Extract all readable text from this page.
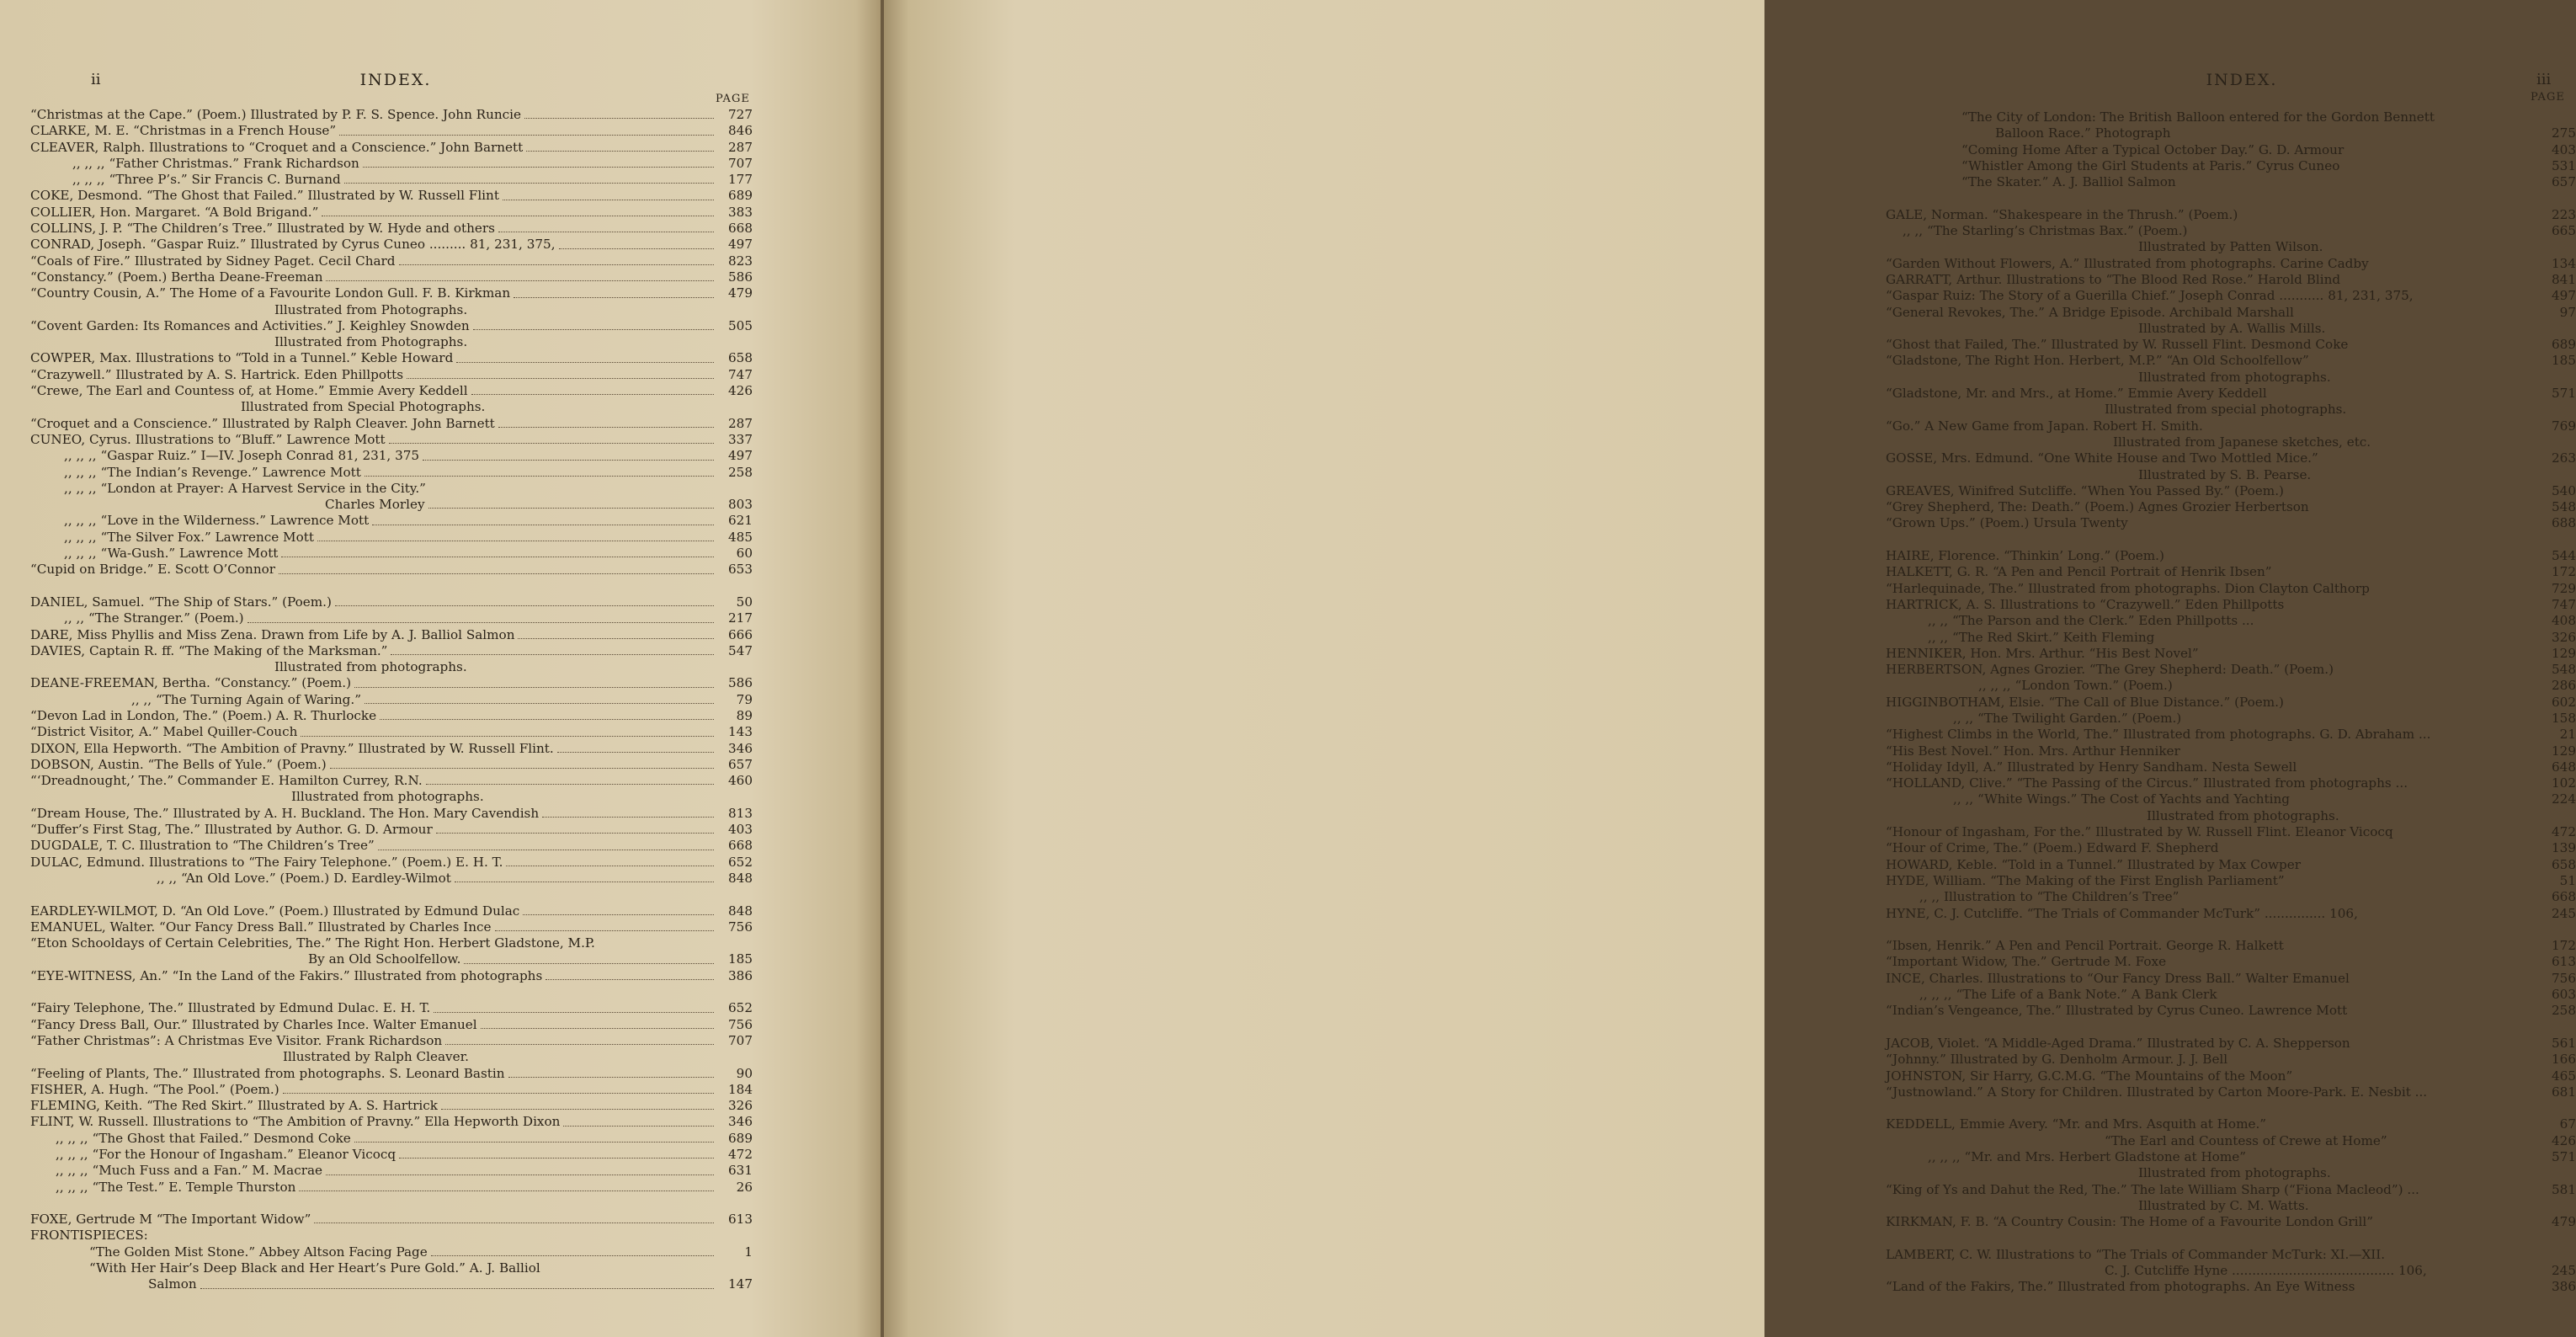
ii	INDEX.
PAGE
“Christmas at the Cape.” (Poem.) Illustrated by P. F. S. Spence. John Runcie	727
CLARKE, M. E. “Christmas in a French House”	846
CLEAVER, Ralph. Illustrations to “Croquet and a Conscience.” John Barnett	287
,, ,, ,, “Father Christmas.” Frank Richardson	707
,, ,, ,, “Three P’s.” Sir Francis C. Burnand	177
COKE, Desmond. “The Ghost that Failed.” Illustrated by W. Russell Flint	689
COLLIER, Hon. Margaret. “A Bold Brigand.”	383
COLLINS, J. P. “The Children’s Tree.” Illustrated by W. Hyde and others	668
CONRAD, Joseph. “Gaspar Ruiz.” Illustrated by Cyrus Cuneo ......... 81, 231, 375,	497
“Coals of Fire.” Illustrated by Sidney Paget. Cecil Chard	823
“Constancy.” (Poem.) Bertha Deane-Freeman	586
“Country Cousin, A.” The Home of a Favourite London Gull. F. B. Kirkman	479
Illustrated from Photographs.
“Covent Garden: Its Romances and Activities.” J. Keighley Snowden	505
Illustrated from Photographs.
COWPER, Max. Illustrations to “Told in a Tunnel.” Keble Howard	658
“Crazywell.” Illustrated by A. S. Hartrick. Eden Phillpotts	747
“Crewe, The Earl and Countess of, at Home.” Emmie Avery Keddell	426
Illustrated from Special Photographs.
“Croquet and a Conscience.” Illustrated by Ralph Cleaver. John Barnett	287
CUNEO, Cyrus. Illustrations to “Bluff.” Lawrence Mott	337
,, ,, ,, “Gaspar Ruiz.” I—IV. Joseph Conrad 81, 231, 375	497
,, ,, ,, “The Indian’s Revenge.” Lawrence Mott	258
,, ,, ,, “London at Prayer: A Harvest Service in the City.”
Charles Morley	803
,, ,, ,, “Love in the Wilderness.” Lawrence Mott	621
,, ,, ,, “The Silver Fox.” Lawrence Mott	485
,, ,, ,, “Wa-Gush.” Lawrence Mott	60
“Cupid on Bridge.” E. Scott O’Connor	653
DANIEL, Samuel. “The Ship of Stars.” (Poem.)	50
,, ,, “The Stranger.” (Poem.)	217
DARE, Miss Phyllis and Miss Zena. Drawn from Life by A. J. Balliol Salmon	666
DAVIES, Captain R. ff. “The Making of the Marksman.”	547
Illustrated from photographs.
DEANE-FREEMAN, Bertha. “Constancy.” (Poem.)	586
,, ,, “The Turning Again of Waring.”	79
“Devon Lad in London, The.” (Poem.) A. R. Thurlocke	89
“District Visitor, A.” Mabel Quiller-Couch	143
DIXON, Ella Hepworth. “The Ambition of Pravny.” Illustrated by W. Russell Flint.	346
DOBSON, Austin. “The Bells of Yule.” (Poem.)	657
“‘Dreadnought,’ The.” Commander E. Hamilton Currey, R.N.	460
Illustrated from photographs.
“Dream House, The.” Illustrated by A. H. Buckland. The Hon. Mary Cavendish	813
“Duffer’s First Stag, The.” Illustrated by Author. G. D. Armour	403
DUGDALE, T. C. Illustration to “The Children’s Tree”	668
DULAC, Edmund. Illustrations to “The Fairy Telephone.” (Poem.) E. H. T.	652
,, ,, “An Old Love.” (Poem.) D. Eardley-Wilmot	848
EARDLEY-WILMOT, D. “An Old Love.” (Poem.) Illustrated by Edmund Dulac	848
EMANUEL, Walter. “Our Fancy Dress Ball.” Illustrated by Charles Ince	756
“Eton Schooldays of Certain Celebrities, The.” The Right Hon. Herbert Gladstone, M.P.
By an Old Schoolfellow.	185
“EYE-WITNESS, An.” “In the Land of the Fakirs.” Illustrated from photographs	386
“Fairy Telephone, The.” Illustrated by Edmund Dulac. E. H. T.	652
“Fancy Dress Ball, Our.” Illustrated by Charles Ince. Walter Emanuel	756
“Father Christmas”: A Christmas Eve Visitor. Frank Richardson	707
Illustrated by Ralph Cleaver.
“Feeling of Plants, The.” Illustrated from photographs. S. Leonard Bastin	90
FISHER, A. Hugh. “The Pool.” (Poem.)	184
FLEMING, Keith. “The Red Skirt.” Illustrated by A. S. Hartrick	326
FLINT, W. Russell. Illustrations to “The Ambition of Pravny.” Ella Hepworth Dixon	346
,, ,, ,, “The Ghost that Failed.” Desmond Coke	689
,, ,, ,, “For the Honour of Ingasham.” Eleanor Vicocq	472
,, ,, ,, “Much Fuss and a Fan.” M. Macrae	631
,, ,, ,, “The Test.” E. Temple Thurston	26
FOXE, Gertrude M “The Important Widow”	613
FRONTISPIECES:
“The Golden Mist Stone.” Abbey Altson Facing Page	1
“With Her Hair’s Deep Black and Her Heart’s Pure Gold.” A. J. Balliol
Salmon	147
INDEX.	iii
PAGE
“The City of London: The British Balloon entered for the Gordon Bennett
Balloon Race.” Photograph	275
“Coming Home After a Typical October Day.” G. D. Armour	403
“Whistler Among the Girl Students at Paris.” Cyrus Cuneo	531
“The Skater.” A. J. Balliol Salmon	657
GALE, Norman. “Shakespeare in the Thrush.” (Poem.)	223
,, ,, “The Starling’s Christmas Bax.” (Poem.)	665
Illustrated by Patten Wilson.
“Garden Without Flowers, A.” Illustrated from photographs. Carine Cadby	134
GARRATT, Arthur. Illustrations to “The Blood Red Rose.” Harold Blind	841
“Gaspar Ruiz: The Story of a Guerilla Chief.” Joseph Conrad ........... 81, 231, 375,	497
“General Revokes, The.” A Bridge Episode. Archibald Marshall	97
Illustrated by A. Wallis Mills.
“Ghost that Failed, The.” Illustrated by W. Russell Flint. Desmond Coke	689
“Gladstone, The Right Hon. Herbert, M.P.” “An Old Schoolfellow”	185
Illustrated from photographs.
“Gladstone, Mr. and Mrs., at Home.” Emmie Avery Keddell	571
Illustrated from special photographs.
“Go.” A New Game from Japan. Robert H. Smith.	769
Illustrated from Japanese sketches, etc.
GOSSE, Mrs. Edmund. “One White House and Two Mottled Mice.”	263
Illustrated by S. B. Pearse.
GREAVES, Winifred Sutcliffe. “When You Passed By.” (Poem.)	540
“Grey Shepherd, The: Death.” (Poem.) Agnes Grozier Herbertson	548
“Grown Ups.” (Poem.) Ursula Twenty	688
HAIRE, Florence. “Thinkin’ Long.” (Poem.)	544
HALKETT, G. R. “A Pen and Pencil Portrait of Henrik Ibsen”	172
“Harlequinade, The.” Illustrated from photographs. Dion Clayton Calthorp	729
HARTRICK, A. S. Illustrations to “Crazywell.” Eden Phillpotts	747
,, ,, “The Parson and the Clerk.” Eden Phillpotts ...	408
,, ,, “The Red Skirt.” Keith Fleming	326
HENNIKER, Hon. Mrs. Arthur. “His Best Novel”	129
HERBERTSON, Agnes Grozier. “The Grey Shepherd: Death.” (Poem.)	548
,, ,, ,, “London Town.” (Poem.)	286
HIGGINBOTHAM, Elsie. “The Call of Blue Distance.” (Poem.)	602
,, ,, “The Twilight Garden.” (Poem.)	158
“Highest Climbs in the World, The.” Illustrated from photographs. G. D. Abraham ...	21
“His Best Novel.” Hon. Mrs. Arthur Henniker	129
“Holiday Idyll, A.” Illustrated by Henry Sandham. Nesta Sewell	648
“HOLLAND, Clive.” “The Passing of the Circus.” Illustrated from photographs ...	102
,, ,, “White Wings.” The Cost of Yachts and Yachting	224
Illustrated from photographs.
“Honour of Ingasham, For the.” Illustrated by W. Russell Flint. Eleanor Vicocq	472
“Hour of Crime, The.” (Poem.) Edward F. Shepherd	139
HOWARD, Keble. “Told in a Tunnel.” Illustrated by Max Cowper	658
HYDE, William. “The Making of the First English Parliament”	51
,, ,, Illustration to “The Children’s Tree”	668
HYNE, C. J. Cutcliffe. “The Trials of Commander McTurk” ............... 106,	245
“Ibsen, Henrik.” A Pen and Pencil Portrait. George R. Halkett	172
“Important Widow, The.” Gertrude M. Foxe	613
INCE, Charles. Illustrations to “Our Fancy Dress Ball.” Walter Emanuel	756
,, ,, ,, “The Life of a Bank Note.” A Bank Clerk	603
“Indian’s Vengeance, The.” Illustrated by Cyrus Cuneo. Lawrence Mott	258
JACOB, Violet. “A Middle-Aged Drama.” Illustrated by C. A. Shepperson	561
“Johnny.” Illustrated by G. Denholm Armour. J. J. Bell	166
JOHNSTON, Sir Harry, G.C.M.G. “The Mountains of the Moon”	465
“Justnowland.” A Story for Children. Illustrated by Carton Moore-Park. E. Nesbit ...	681
KEDDELL, Emmie Avery. “Mr. and Mrs. Asquith at Home.”	67
“The Earl and Countess of Crewe at Home”	426
,, ,, ,, “Mr. and Mrs. Herbert Gladstone at Home”	571
Illustrated from photographs.
“King of Ys and Dahut the Red, The.” The late William Sharp (“Fiona Macleod”) ...	581
Illustrated by C. M. Watts.
KIRKMAN, F. B. “A Country Cousin: The Home of a Favourite London Grill”	479
LAMBERT, C. W. Illustrations to “The Trials of Commander McTurk: XI.—XII.
C. J. Cutcliffe Hyne ........................................ 106,	245
“Land of the Fakirs, The.” Illustrated from photographs. An Eye Witness	386
